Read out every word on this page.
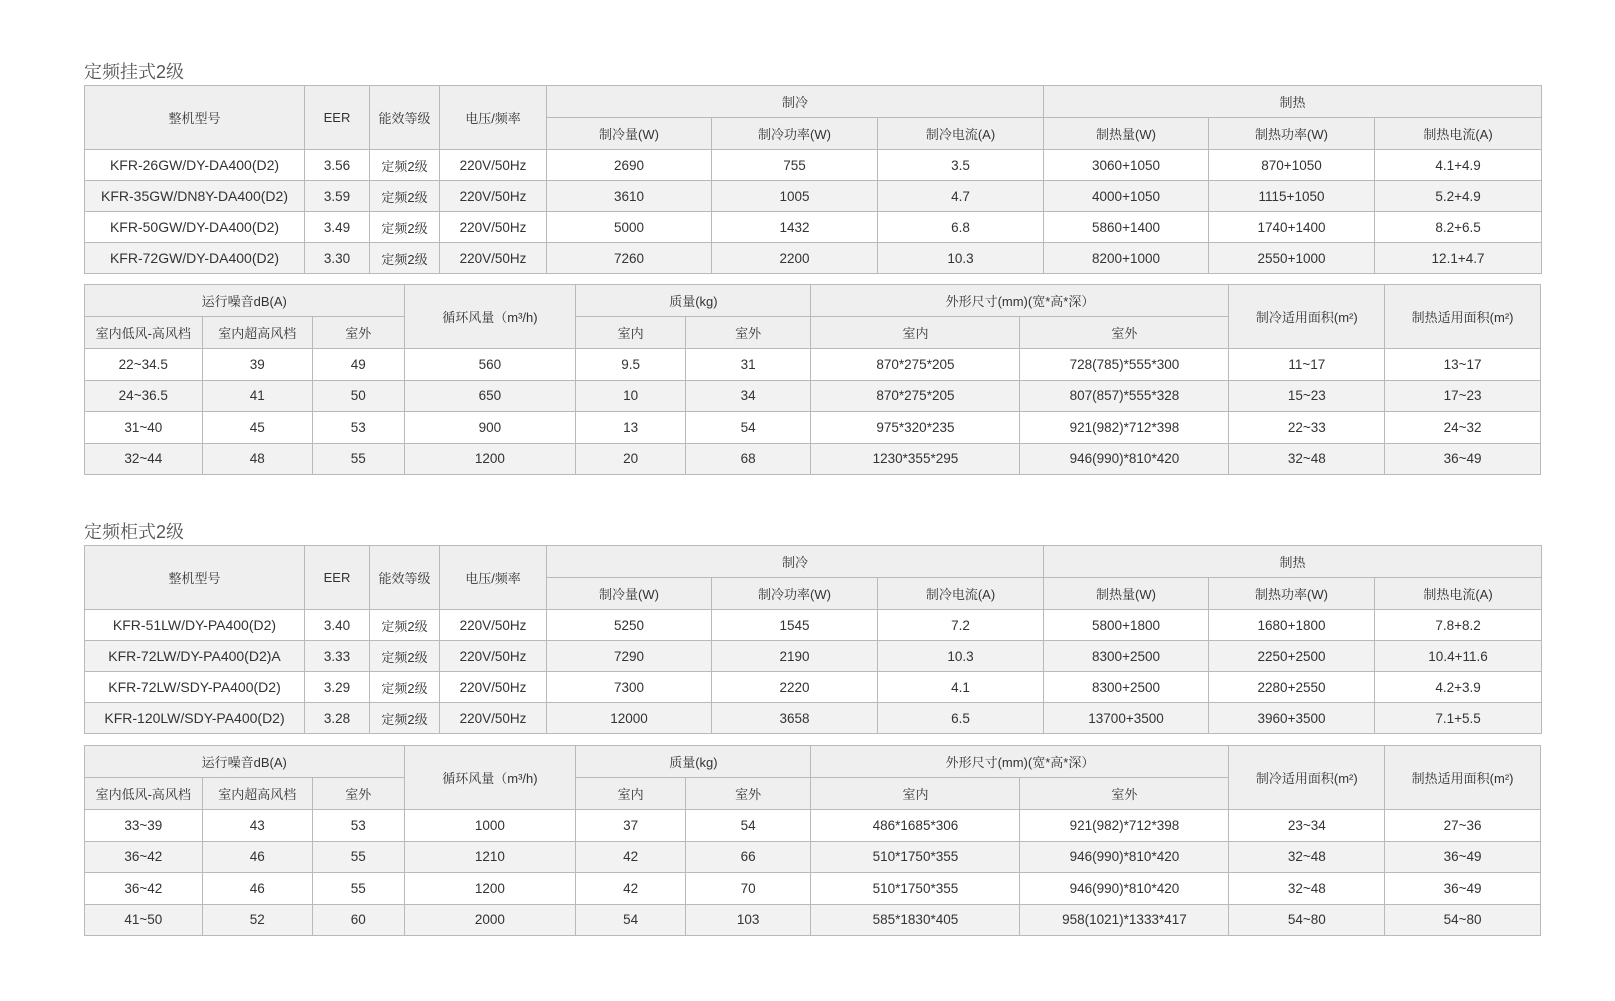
定频挂式2级
整机型号	EER	能效等级	电压/频率	制冷			制热		
				制冷量(W)	制冷功率(W)	制冷电流(A)	制热量(W)	制热功率(W)	制热电流(A)
KFR-26GW/DY-DA400(D2)	3.56	定频2级	220V/50Hz	2690	755	3.5	3060+1050	870+1050	4.1+4.9
KFR-35GW/DN8Y-DA400(D2)	3.59	定频2级	220V/50Hz	3610	1005	4.7	4000+1050	1115+1050	5.2+4.9
KFR-50GW/DY-DA400(D2)	3.49	定频2级	220V/50Hz	5000	1432	6.8	5860+1400	1740+1400	8.2+6.5
KFR-72GW/DY-DA400(D2)	3.30	定频2级	220V/50Hz	7260	2200	10.3	8200+1000	2550+1000	12.1+4.7
运行噪音dB(A)			循环风量（m³/h)	质量(kg)		外形尺寸(mm)(宽*高*深）		制冷适用面积(m²)	制热适用面积(m²)
室内低风-高风档	室内超高风档	室外		室内	室外	室内	室外		
22~34.5	39	49	560	9.5	31	870*275*205	728(785)*555*300	11~17	13~17
24~36.5	41	50	650	10	34	870*275*205	807(857)*555*328	15~23	17~23
31~40	45	53	900	13	54	975*320*235	921(982)*712*398	22~33	24~32
32~44	48	55	1200	20	68	1230*355*295	946(990)*810*420	32~48	36~49
定频柜式2级
整机型号	EER	能效等级	电压/频率	制冷			制热		
				制冷量(W)	制冷功率(W)	制冷电流(A)	制热量(W)	制热功率(W)	制热电流(A)
KFR-51LW/DY-PA400(D2)	3.40	定频2级	220V/50Hz	5250	1545	7.2	5800+1800	1680+1800	7.8+8.2
KFR-72LW/DY-PA400(D2)A	3.33	定频2级	220V/50Hz	7290	2190	10.3	8300+2500	2250+2500	10.4+11.6
KFR-72LW/SDY-PA400(D2)	3.29	定频2级	220V/50Hz	7300	2220	4.1	8300+2500	2280+2550	4.2+3.9
KFR-120LW/SDY-PA400(D2)	3.28	定频2级	220V/50Hz	12000	3658	6.5	13700+3500	3960+3500	7.1+5.5
运行噪音dB(A)			循环风量（m³/h)	质量(kg)		外形尺寸(mm)(宽*高*深）		制冷适用面积(m²)	制热适用面积(m²)
室内低风-高风档	室内超高风档	室外		室内	室外	室内	室外		
33~39	43	53	1000	37	54	486*1685*306	921(982)*712*398	23~34	27~36
36~42	46	55	1210	42	66	510*1750*355	946(990)*810*420	32~48	36~49
36~42	46	55	1200	42	70	510*1750*355	946(990)*810*420	32~48	36~49
41~50	52	60	2000	54	103	585*1830*405	958(1021)*1333*417	54~80	54~80
